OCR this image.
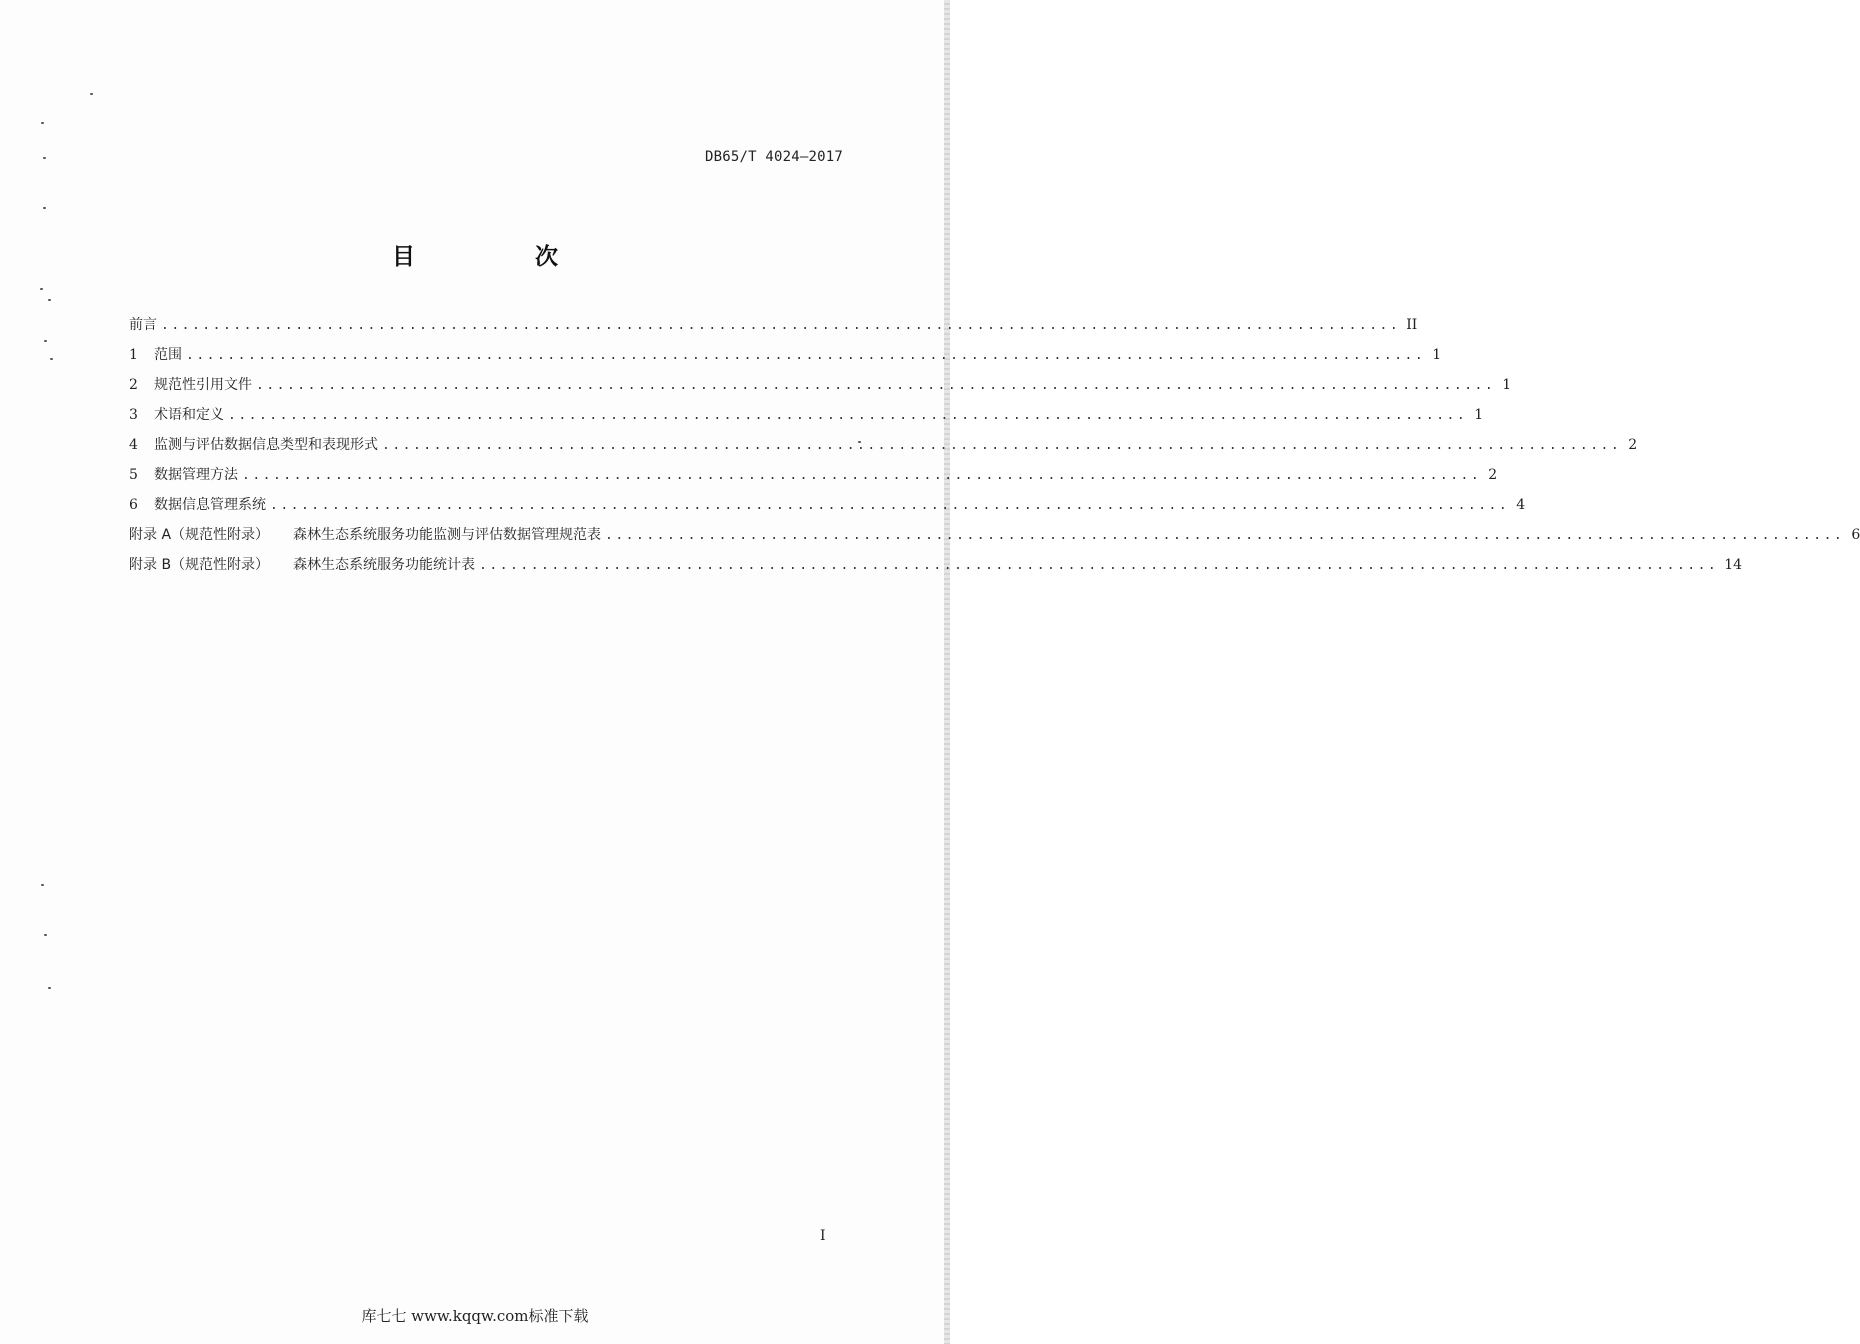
DB65/T 4024—2017
目 次
前言 ........................................................................................................................ II
1 范围 ........................................................................................................................ 1
2 规范性引用文件 ........................................................................................................................ 1
3 术语和定义 ........................................................................................................................ 1
4 监测与评估数据信息类型和表现形式 ........................................................................................................................ 2
5 数据管理方法 ........................................................................................................................ 2
6 数据信息管理系统 ........................................................................................................................ 4
附录 A（规范性附录） 森林生态系统服务功能监测与评估数据管理规范表 ........................................................................................................................ 6
附录 B（规范性附录） 森林生态系统服务功能统计表 ........................................................................................................................ 14
I
库七七 www.kqqw.com标准下载
